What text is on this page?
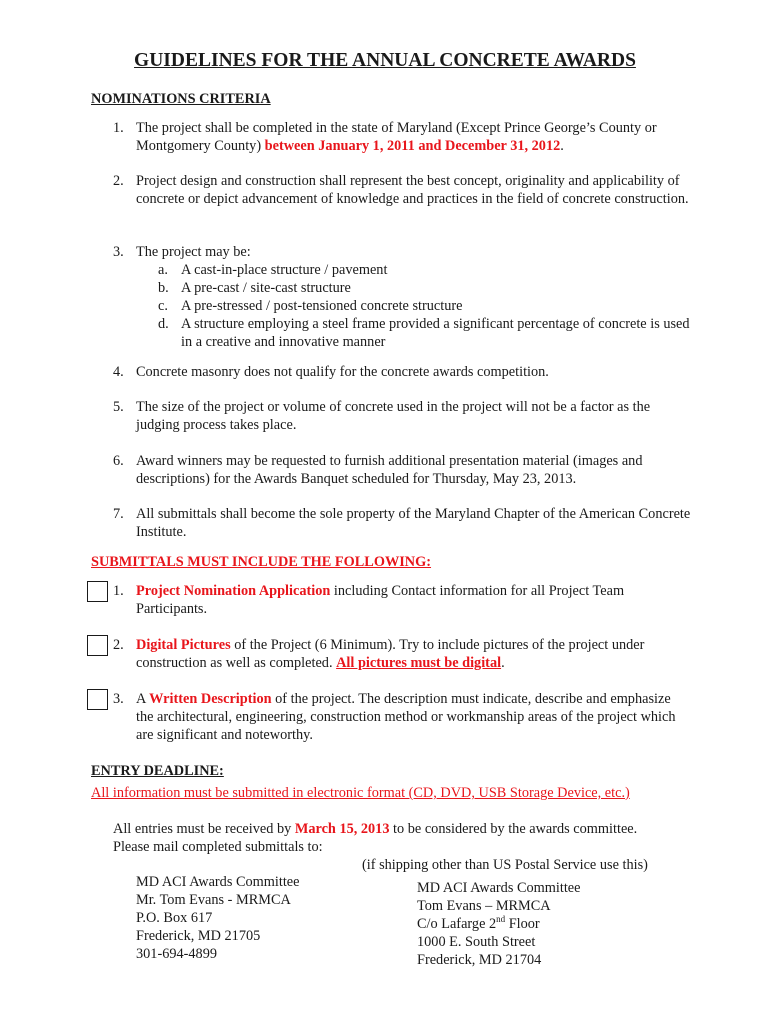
GUIDELINES FOR THE ANNUAL CONCRETE AWARDS
NOMINATIONS CRITERIA
1. The project shall be completed in the state of Maryland (Except Prince George’s County or Montgomery County) between January 1, 2011 and December 31, 2012.
2. Project design and construction shall represent the best concept, originality and applicability of concrete or depict advancement of knowledge and practices in the field of concrete construction.
3. The project may be:
a. A cast-in-place structure / pavement
b. A pre-cast / site-cast structure
c. A pre-stressed / post-tensioned concrete structure
d. A structure employing a steel frame provided a significant percentage of concrete is used in a creative and innovative manner
4. Concrete masonry does not qualify for the concrete awards competition.
5. The size of the project or volume of concrete used in the project will not be a factor as the judging process takes place.
6. Award winners may be requested to furnish additional presentation material (images and descriptions) for the Awards Banquet scheduled for Thursday, May 23, 2013.
7. All submittals shall become the sole property of the Maryland Chapter of the American Concrete Institute.
SUBMITTALS MUST INCLUDE THE FOLLOWING:
1. Project Nomination Application including Contact information for all Project Team Participants.
2. Digital Pictures of the Project (6 Minimum). Try to include pictures of the project under construction as well as completed. All pictures must be digital.
3. A Written Description of the project. The description must indicate, describe and emphasize the architectural, engineering, construction method or workmanship areas of the project which are significant and noteworthy.
ENTRY DEADLINE:
All information must be submitted in electronic format (CD, DVD, USB Storage Device, etc.)
All entries must be received by March 15, 2013 to be considered by the awards committee.
Please mail completed submittals to:
(if shipping other than US Postal Service use this)
MD ACI Awards Committee
Mr. Tom Evans - MRMCA
P.O. Box 617
Frederick, MD 21705
301-694-4899
MD ACI Awards Committee
Tom Evans – MRMCA
C/o Lafarge 2nd Floor
1000 E. South Street
Frederick, MD 21704
